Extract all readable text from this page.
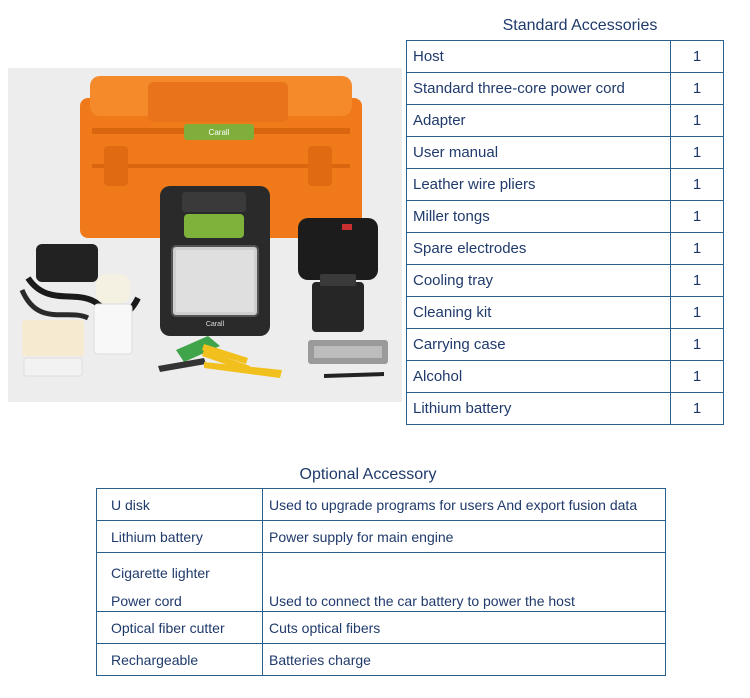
Carall
Carall
Standard Accessories
Host	1
Standard three-core power cord	1
Adapter	1
User manual	1
Leather wire pliers	1
Miller tongs	1
Spare electrodes	1
Cooling tray	1
Cleaning kit	1
Carrying case	1
Alcohol	1
Lithium battery	1
Optional Accessory
U disk	Used to upgrade programs for users And export fusion data
Lithium battery	Power supply for main engine

Cigarette lighter
Power cord	Used to connect the car battery to power the host
Optical fiber cutter	Cuts optical fibers
Rechargeable	Batteries charge
